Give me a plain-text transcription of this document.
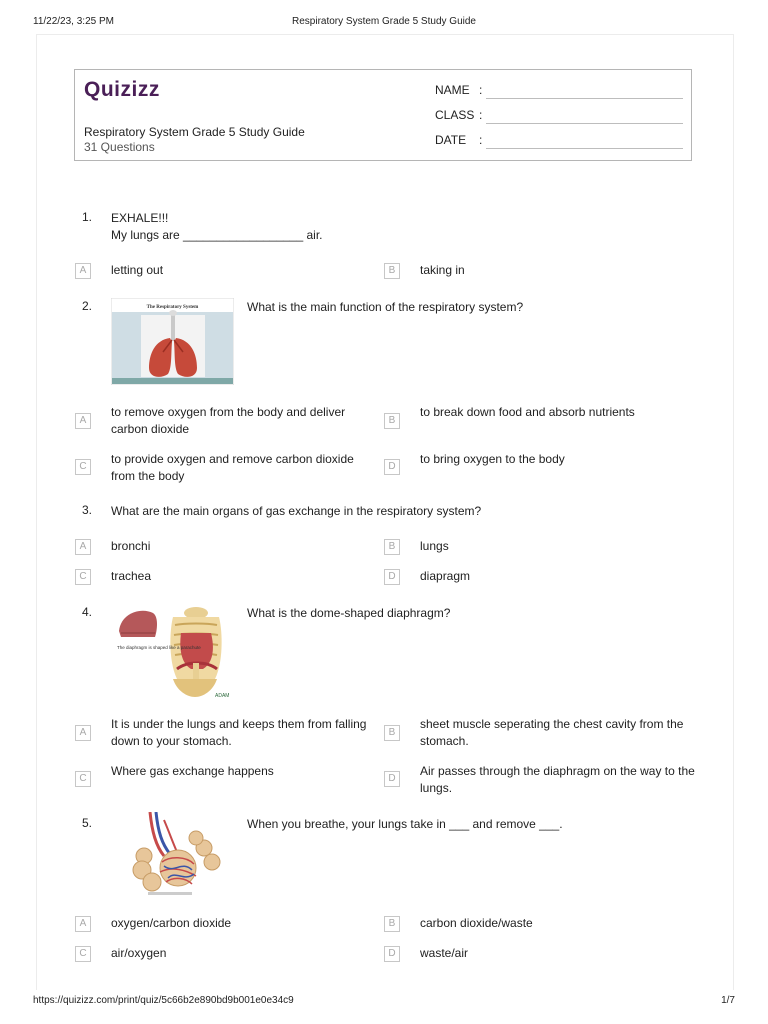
11/22/23, 3:25 PM	Respiratory System Grade 5 Study Guide
Quizizz
Respiratory System Grade 5 Study Guide
31 Questions
NAME :
CLASS :
DATE :
1. EXHALE!!!
My lungs are __________________ air.
A	letting out	B	taking in
2.	The Respiratory System	What is the main function of the respiratory system?
A
to remove oxygen from the body and deliver carbon dioxide
B
to break down food and absorb nutrients
C
to provide oxygen and remove carbon dioxide from the body
D
to bring oxygen to the body
3. What are the main organs of gas exchange in the respiratory system?
A	bronchi	B	lungs
C	trachea	D	diapragm
4.
The diaphragm is shaped like a parachute
ADAM
What is the dome-shaped diaphragm?
A
It is under the lungs and keeps them from falling down to your stomach.
B
sheet muscle seperating the chest cavity from the stomach.
C
Where gas exchange happens
D
Air passes through the diaphragm on the way to the lungs.
5.	When you breathe, your lungs take in ___ and remove ___.
A	oxygen/carbon dioxide	B	carbon dioxide/waste
C	air/oxygen	D	waste/air
https://quizizz.com/print/quiz/5c66b2e890bd9b001e0e34c9	1/7
